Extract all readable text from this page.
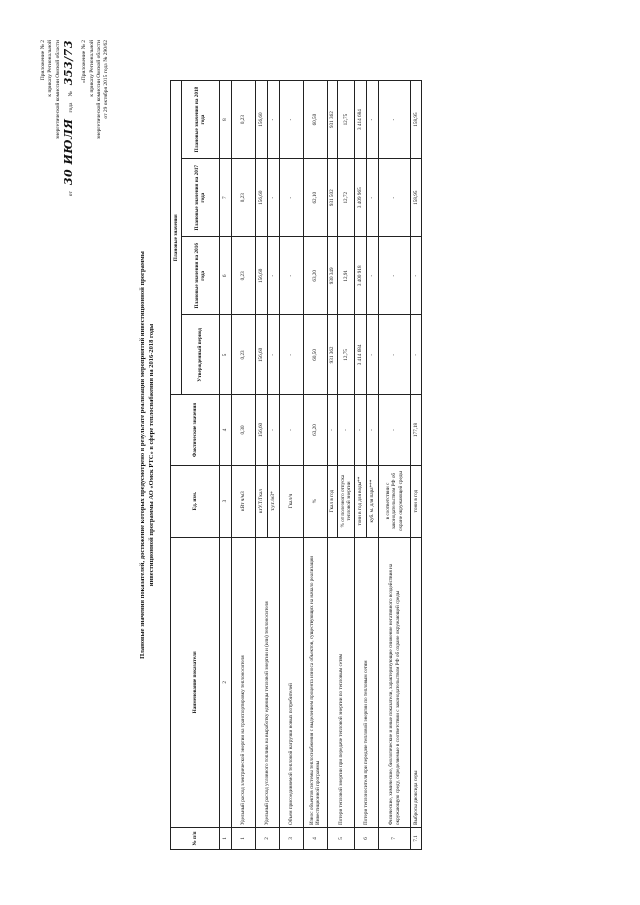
Приложение № 2 к приказу Региональной энергетической комиссии Омской области
от
30 ИЮЛЯ
года
№
353/73	«Приложение № 2 к приказу Региональной энергетической комиссии Омской области от 29 октября 2015 года № 290/62
Плановые значения показателей, достижение которых предусмотрено в результате реализации мероприятий инвестиционной программы инвестиционной программы АО «Омск РТС» в сфере теплоснабжения на 2016-2018 годы
№ п/п	Наименование показателя	Ед. изм.	Фактические значения	Плановые значения			
				Утвержденный период	Плановые значения на 2016 года	Плановые значения на 2017 года	Плановые значения на 2018 года
1	2	3	4	5	6	7	8
1	Удельный расход электрической энергии на транспортировку теплоносителя	кВт ч/м3	0,30	0,23	0,23	0,23	0,23
2	Удельный расход условного топлива на выработку единицы тепловой энергии и (или) теплоносителя	кгУ.Т/Гкал	156,60	156,60	156,60	156,60	156,60
		т.у.т./м3*	-	-	-	-	-
3	Объем присоединяемой тепловой нагрузки новых потребителей	Гкал/ч	-	-	-	-	-
4	Износ объектов системы теплоснабжения с выделением процента износа объектов, существующих на начало реализации Инвестиционной программы	%	63,20	60,50	63,20	62,10	60,50
5	Потери тепловой энергии при передаче тепловой энергии по тепловым сетям	Гкал в год	-	931 362	930 349	931 502	931 362
		% от полезного отпуска тепловой энергии	-	12,75	12,91	12,72	12,75
6	Потери теплоносителя при передаче тепловой энергии по тепловым сетям	тонн в год для воды**	-	3 414 684	3 400 918	3 409 965	3 414 684
		куб. м. для пара***	-	-	-	-	-
7	Физические, химические, биологические и иные показатели, характеризующие снижение негативного воздействия на окружающую среду, определяемые в соответствии с законодательством РФ об охране окружающей среды	в соответствии с законодательством РФ об охране окружающей среды	-	-	-	-	-
7.1	Выбросы диоксида серы	тонн в год	177,18	-	-	158,95	158,95
